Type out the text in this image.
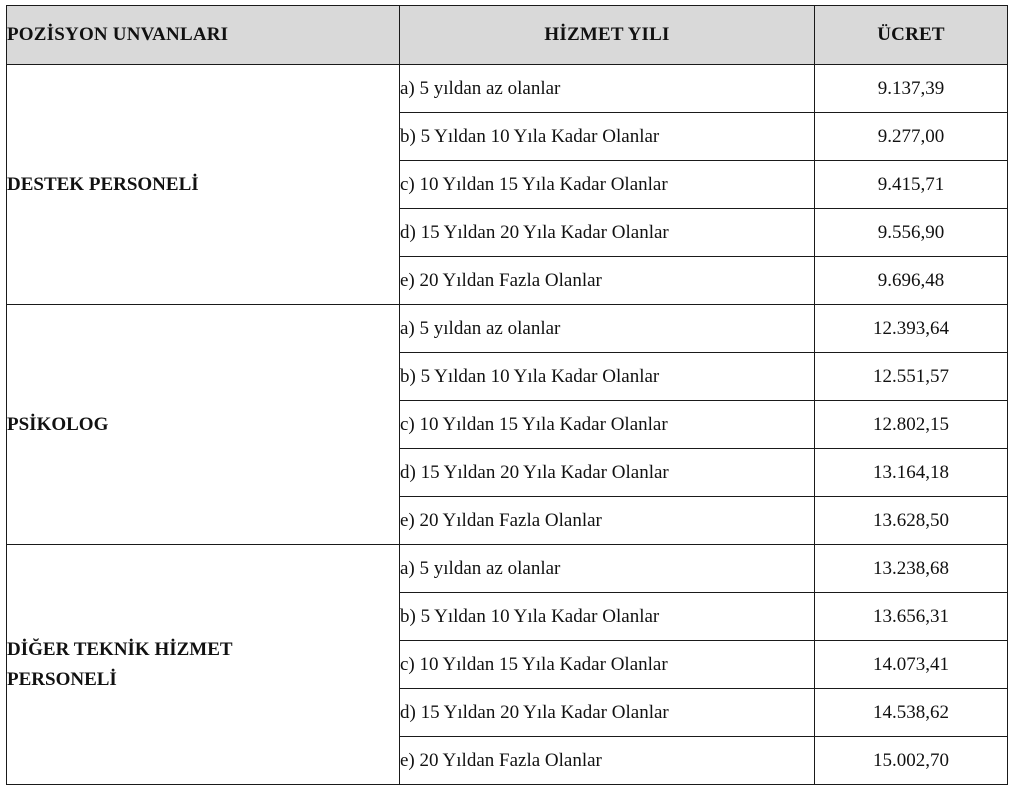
POZİSYON UNVANLARI	HİZMET YILI	ÜCRET
DESTEK PERSONELİ	a) 5 yıldan az olanlar	9.137,39
	b) 5 Yıldan 10 Yıla Kadar Olanlar	9.277,00
	c) 10 Yıldan 15 Yıla Kadar Olanlar	9.415,71
	d) 15 Yıldan 20 Yıla Kadar Olanlar	9.556,90
	e) 20 Yıldan Fazla Olanlar	9.696,48
PSİKOLOG	a) 5 yıldan az olanlar	12.393,64
	b) 5 Yıldan 10 Yıla Kadar Olanlar	12.551,57
	c) 10 Yıldan 15 Yıla Kadar Olanlar	12.802,15
	d) 15 Yıldan 20 Yıla Kadar Olanlar	13.164,18
	e) 20 Yıldan Fazla Olanlar	13.628,50
DİĞER TEKNİK HİZMET
PERSONELİ	a) 5 yıldan az olanlar	13.238,68
	b) 5 Yıldan 10 Yıla Kadar Olanlar	13.656,31
	c) 10 Yıldan 15 Yıla Kadar Olanlar	14.073,41
	d) 15 Yıldan 20 Yıla Kadar Olanlar	14.538,62
	e) 20 Yıldan Fazla Olanlar	15.002,70
